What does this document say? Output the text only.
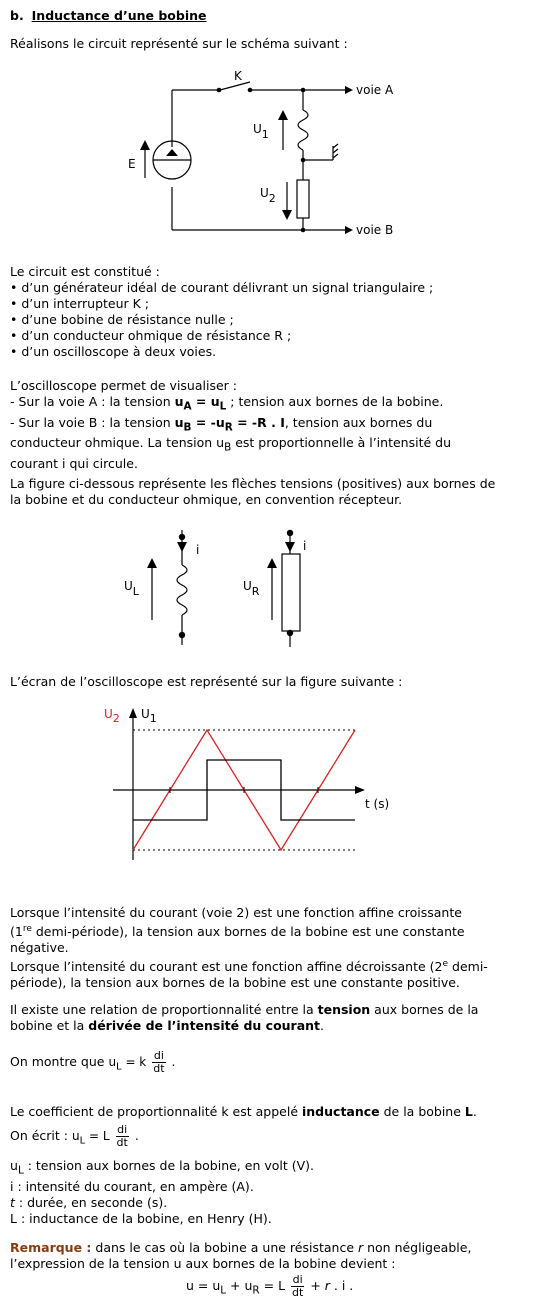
b. Inductance d’une bobine
Réalisons le circuit représenté sur le schéma suivant :
K
E
U1
U2
voie A
voie B
Le circuit est constitué :
• d’un générateur idéal de courant délivrant un signal triangulaire ;
• d’un interrupteur K ;
• d’une bobine de résistance nulle ;
• d’un conducteur ohmique de résistance R ;
• d’un oscilloscope à deux voies.
L’oscilloscope permet de visualiser :
- Sur la voie A : la tension $u_A = u_L$ ; tension aux bornes de la bobine.
- Sur la voie B : la tension $u_B = -u_R = -R$ . I, tension aux bornes du
conducteur ohmique. La tension $u_B$ est proportionnelle à l’intensité du
courant i qui circule.
La figure ci-dessous représente les flèches tensions (positives) aux bornes de
la bobine et du conducteur ohmique, en convention récepteur.
i	i
UL	UR
L’écran de l’oscilloscope est représenté sur la figure suivante :
U2 U1
t (s)
Lorsque l’intensité du courant (voie 2) est une fonction affine croissante
(1re demi-période), la tension aux bornes de la bobine est une constante
négative.
Lorsque l’intensité du courant est une fonction affine décroissante (2e demi-
période), la tension aux bornes de la bobine est une constante positive.
Il existe une relation de proportionnalité entre la tension aux bornes de la
bobine et la dérivée de l’intensité du courant.
On montre que $u_L = k \frac{di}{dt}$ .
Le coefficient de proportionnalité k est appelé inductance de la bobine L.
On écrit : $u_L = L \frac{di}{dt}$ .
$u_L$ : tension aux bornes de la bobine, en volt (V).
i : intensité du courant, en ampère (A).
t : durée, en seconde (s).
L : inductance de la bobine, en Henry (H).
Remarque : dans le cas où la bobine a une résistance r non négligeable,
l’expression de la tension u aux bornes de la bobine devient :
$u = u_L + u_R = L \frac{di}{dt} + r$ . i .
